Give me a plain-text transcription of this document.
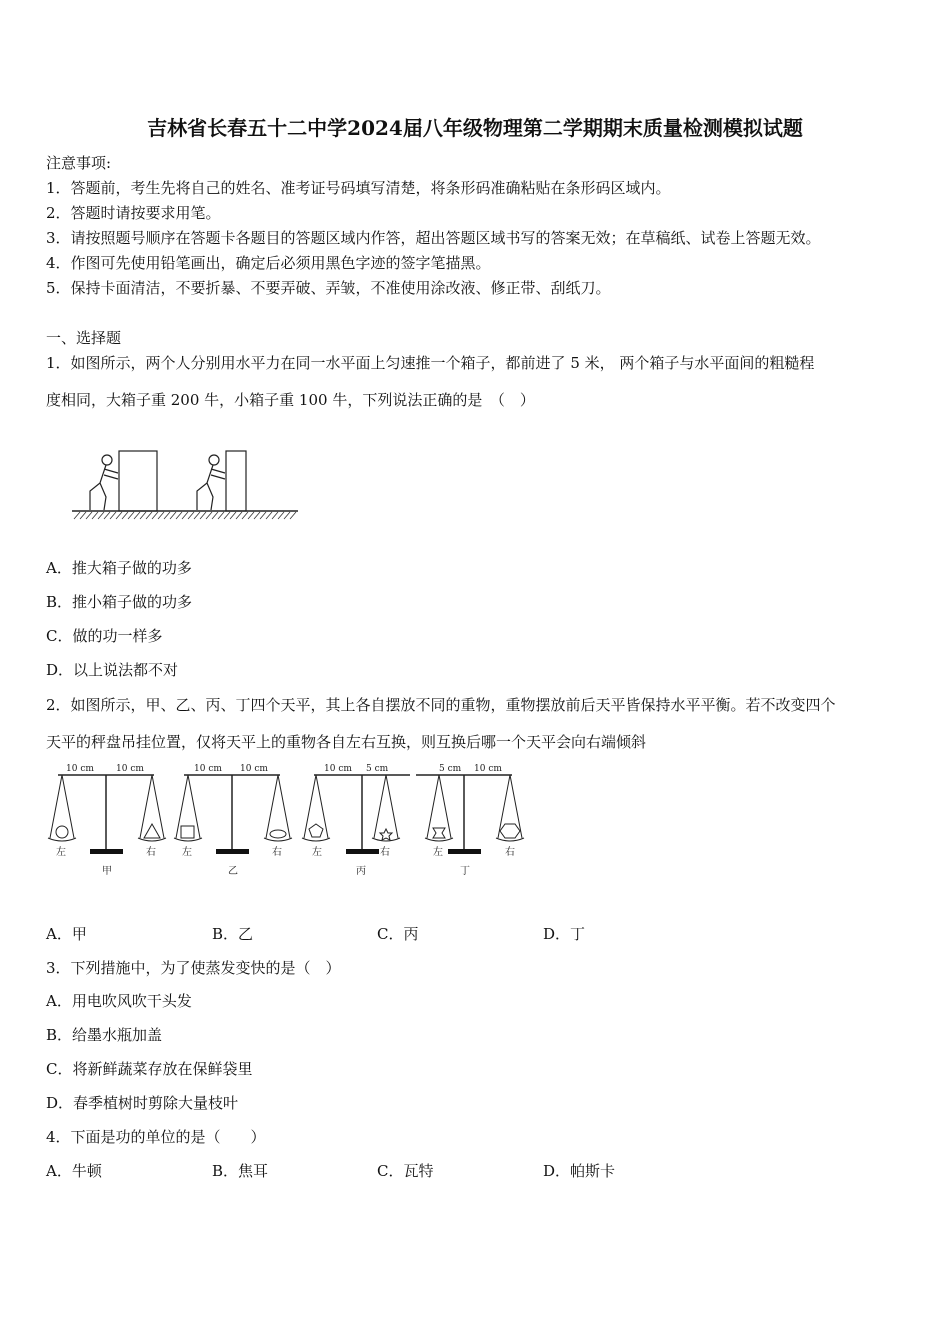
吉林省长春五十二中学2024届八年级物理第二学期期末质量检测模拟试题
注意事项:
1．答题前，考生先将自己的姓名、准考证号码填写清楚，将条形码准确粘贴在条形码区域内。
2．答题时请按要求用笔。
3．请按照题号顺序在答题卡各题目的答题区域内作答，超出答题区域书写的答案无效；在草稿纸、试卷上答题无效。
4．作图可先使用铅笔画出，确定后必须用黑色字迹的签字笔描黑。
5．保持卡面清洁，不要折暴、不要弄破、弄皱，不准使用涂改液、修正带、刮纸刀。
一、选择题
1．如图所示，两个人分别用水平力在同一水平面上匀速推一个箱子，都前进了 5 米， 两个箱子与水平面间的粗糙程
度相同，大箱子重 200 牛，小箱子重 100 牛，下列说法正确的是　（　）
A．推大箱子做的功多
B．推小箱子做的功多
C．做的功一样多
D．以上说法都不对
2．如图所示，甲、乙、丙、丁四个天平，其上各自摆放不同的重物，重物摆放前后天平皆保持水平平衡。若不改变四个
天平的秤盘吊挂位置，仅将天平上的重物各自左右互换，则互换后哪一个天平会向右端倾斜
10 cm 10 cm
左	右
甲
10 cm 10 cm
左	右
乙
10 cm 5 cm
左	右
丙
5 cm 10 cm
左	右
丁
A．甲	B．乙	C．丙	D．丁
3．下列措施中，为了使蒸发变快的是（　）
A．用电吹风吹干头发
B．给墨水瓶加盖
C．将新鲜蔬菜存放在保鲜袋里
D．春季植树时剪除大量枝叶
4．下面是功的单位的是（　　）
A．牛顿	B．焦耳	C．瓦特	D．帕斯卡
